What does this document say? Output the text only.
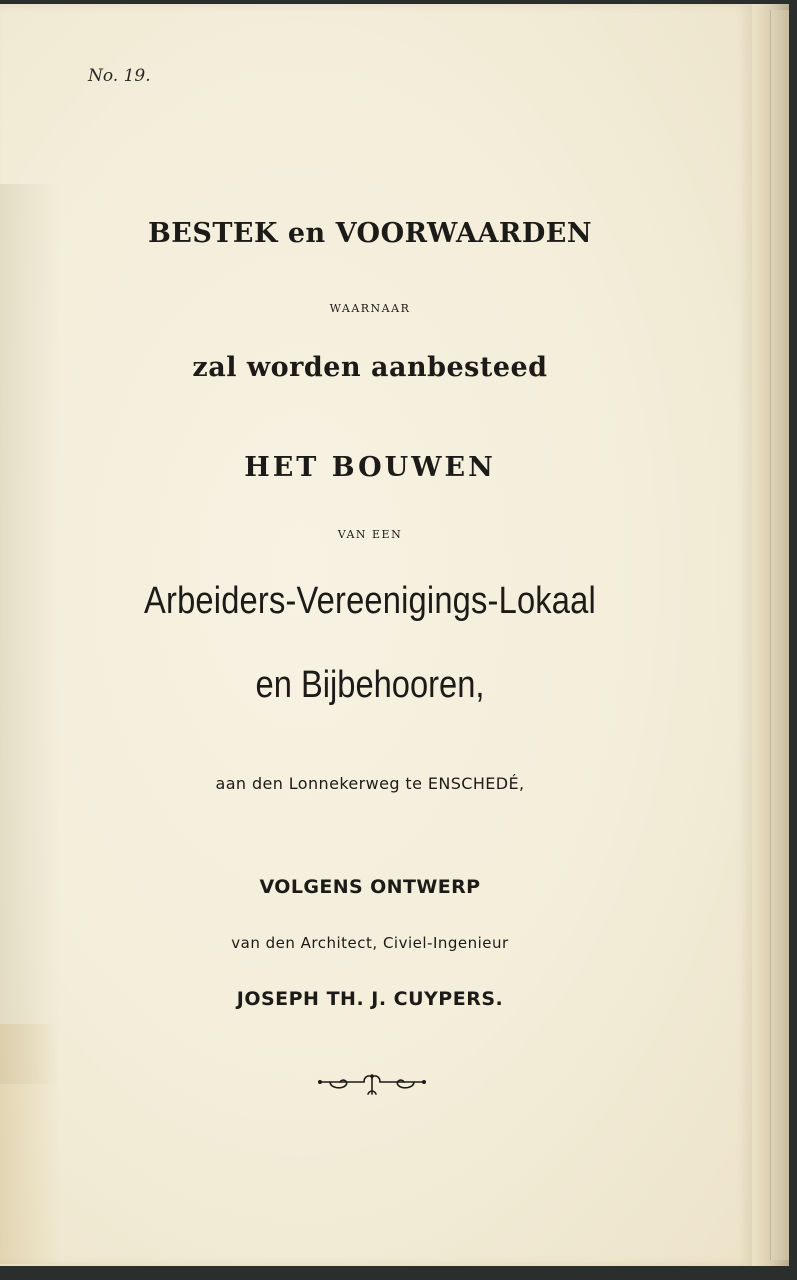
No. 19.

BESTEK en VOORWAARDEN

WAARNAAR

zal worden aanbesteed

HET BOUWEN

VAN EEN

Arbeiders-Vereenigings-Lokaal

en Bijbehooren,

aan den Lonnekerweg te ENSCHEDÉ,

VOLGENS ONTWERP

van den Architect, Civiel-Ingenieur

JOSEPH TH. J. CUYPERS.
